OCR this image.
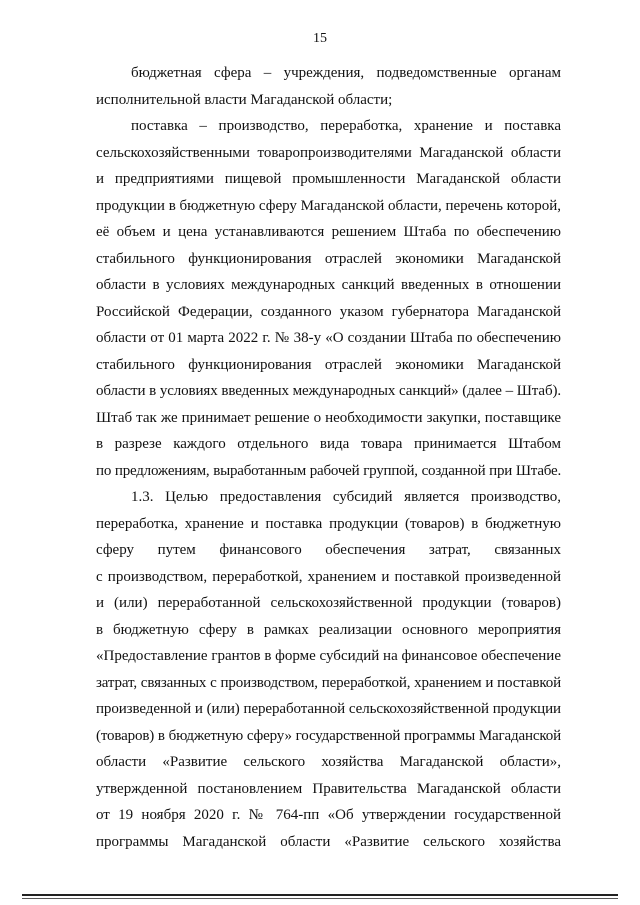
15

бюджетная сфера – учреждения, подведомственные органам
исполнительной власти Магаданской области;

поставка – производство, переработка, хранение и поставка
сельскохозяйственными товаропроизводителями Магаданской области
и предприятиями пищевой промышленности Магаданской области
продукции в бюджетную сферу Магаданской области, перечень которой,
её объем и цена устанавливаются решением Штаба по обеспечению
стабильного функционирования отраслей экономики Магаданской
области в условиях международных санкций введенных в отношении
Российской Федерации, созданного указом губернатора Магаданской
области от 01 марта 2022 г. № 38-у «О создании Штаба по обеспечению
стабильного функционирования отраслей экономики Магаданской
области в условиях введенных международных санкций» (далее – Штаб).
Штаб так же принимает решение о необходимости закупки, поставщике
в разрезе каждого отдельного вида товара принимается Штабом
по предложениям, выработанным рабочей группой, созданной при Штабе.

1.3. Целью предоставления субсидий является производство,
переработка, хранение и поставка продукции (товаров) в бюджетную
сферу путем финансового обеспечения затрат, связанных
с производством, переработкой, хранением и поставкой произведенной
и (или) переработанной сельскохозяйственной продукции (товаров)
в бюджетную сферу в рамках реализации основного мероприятия
«Предоставление грантов в форме субсидий на финансовое обеспечение
затрат, связанных с производством, переработкой, хранением и поставкой
произведенной и (или) переработанной сельскохозяйственной продукции
(товаров) в бюджетную сферу» государственной программы Магаданской
области «Развитие сельского хозяйства Магаданской области»,
утвержденной постановлением Правительства Магаданской области
от 19 ноября 2020 г. № 764-пп «Об утверждении государственной
программы Магаданской области «Развитие сельского хозяйства
